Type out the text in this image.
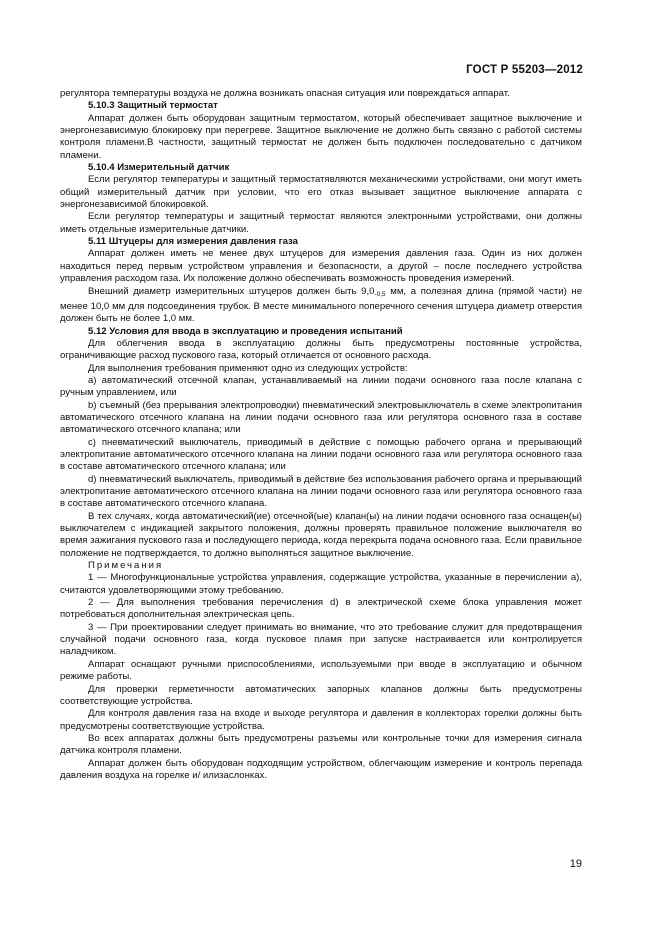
ГОСТ Р 55203—2012

регулятора температуры воздуха не должна возникать опасная ситуация или повреждаться аппарат.

5.10.3 Защитный термостат

Аппарат должен быть оборудован защитным термостатом, который обеспечивает защитное выключение и энергонезависимую блокировку при перегреве. Защитное выключение не должно быть связано с работой системы контроля пламени.В частности, защитный термостат не должен быть подключен последовательно с датчиком пламени.

5.10.4 Измерительный датчик

Если регулятор температуры и защитный термостатявляются механическими устройствами, они могут иметь общий измерительный датчик при условии, что его отказ вызывает защитное выключение аппарата с энергонезависимой блокировкой.

Если регулятор температуры и защитный термостат являются электронными устройствами, они должны иметь отдельные измерительные датчики.

5.11 Штуцеры для измерения давления газа

Аппарат должен иметь не менее двух штуцеров для измерения давления газа. Один из них должен находиться перед первым устройством управления и безопасности, а другой – после последнего устройства управления расходом газа. Их положение должно обеспечивать возможность проведения измерений.

Внешний диаметр измерительных штуцеров должен быть $9,0_{-0,5}$ мм, а полезная длина (прямой части) не менее 10,0 мм для подсоединения трубок. В месте минимального поперечного сечения штуцера диаметр отверстия должен быть не более 1,0 мм.

5.12 Условия для ввода в эксплуатацию и проведения испытаний

Для облегчения ввода в эксплуатацию должны быть предусмотрены постоянные устройства, ограничивающие расход пускового газа, который отличается от основного расхода.

Для выполнения требования применяют одно из следующих устройств:

а) автоматический отсечной клапан, устанавливаемый на линии подачи основного газа после клапана с ручным управлением, или

b) съемный (без прерывания электропроводки) пневматический электровыключатель в схеме электропитания автоматического отсечного клапана на линии подачи основного газа или регулятора основного газа в составе автоматического отсечного клапана; или

c) пневматический выключатель, приводимый в действие с помощью рабочего органа и прерывающий электропитание автоматического отсечного клапана на линии подачи основного газа или регулятора основного газа в составе автоматического отсечного клапана; или

d) пневматический выключатель, приводимый в действие без использования рабочего органа и прерывающий электропитание автоматического отсечного клапана на линии подачи основного газа или регулятора основного газа в составе автоматического отсечного клапана.

В тех случаях, когда автоматический(ие) отсечной(ые) клапан(ы) на линии подачи основного газа оснащен(ы) выключателем с индикацией закрытого положения, должны проверять правильное положение выключателя во время зажигания пускового газа и последующего периода, когда перекрыта подача основного газа. Если правильное положение не подтверждается, то должно выполняться защитное выключение.

Примечания

1 — Многофункциональные устройства управления, содержащие устройства, указанные в перечислении а), считаются удовлетворяющими этому требованию.

2 — Для выполнения требования перечисления d) в электрической схеме блока управления может потребоваться дополнительная электрическая цепь.

3 — При проектировании следует принимать во внимание, что это требование служит для предотвращения случайной подачи основного газа, когда пусковое пламя при запуске настраивается или контролируется наладчиком.

Аппарат оснащают ручными приспособлениями, используемыми при вводе в эксплуатацию и обычном режиме работы.

Для проверки герметичности автоматических запорных клапанов должны быть предусмотрены соответствующие устройства.

Для контроля давления газа на входе и выходе регулятора и давления в коллекторах горелки должны быть предусмотрены соответствующие устройства.

Во всех аппаратах должны быть предусмотрены разъемы или контрольные точки для измерения сигнала датчика контроля пламени.

Аппарат должен быть оборудован подходящим устройством, облегчающим измерение и контроль перепада давления воздуха на горелке и/ илизаслонках.

19
